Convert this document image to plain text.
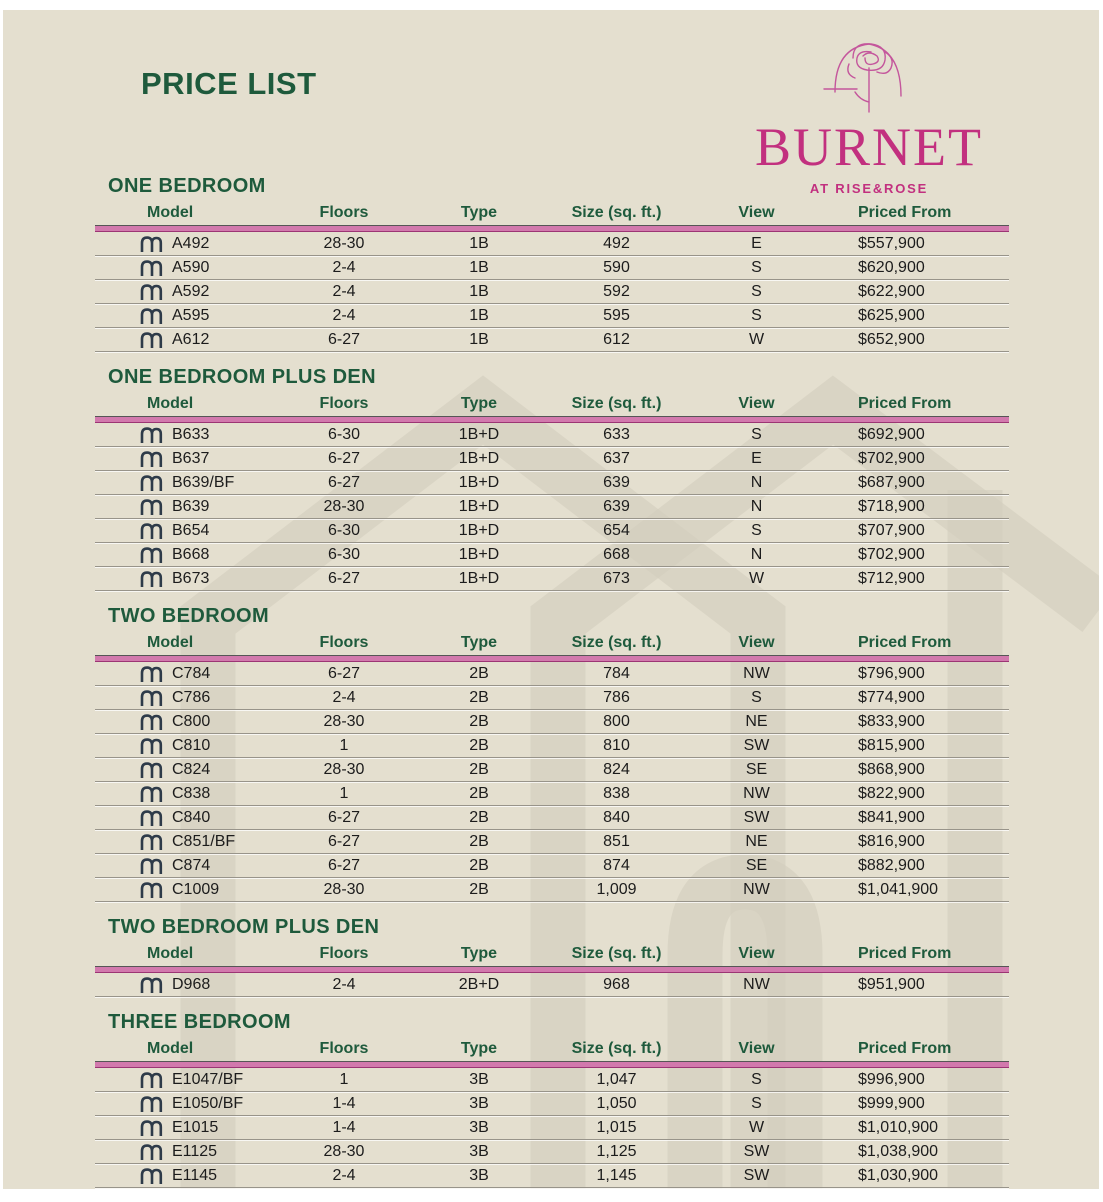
BURNET
AT RISE&ROSE
PRICE LIST
ONE BEDROOM
Model	Floors	Type	Size (sq. ft.)	View	Priced From
A492	28-30	1B	492	E	$557,900
A590	2-4	1B	590	S	$620,900
A592	2-4	1B	592	S	$622,900
A595	2-4	1B	595	S	$625,900
A612	6-27	1B	612	W	$652,900
ONE BEDROOM PLUS DEN
Model	Floors	Type	Size (sq. ft.)	View	Priced From
B633	6-30	1B+D	633	S	$692,900
B637	6-27	1B+D	637	E	$702,900
B639/BF	6-27	1B+D	639	N	$687,900
B639	28-30	1B+D	639	N	$718,900
B654	6-30	1B+D	654	S	$707,900
B668	6-30	1B+D	668	N	$702,900
B673	6-27	1B+D	673	W	$712,900
TWO BEDROOM
Model	Floors	Type	Size (sq. ft.)	View	Priced From
C784	6-27	2B	784	NW	$796,900
C786	2-4	2B	786	S	$774,900
C800	28-30	2B	800	NE	$833,900
C810	1	2B	810	SW	$815,900
C824	28-30	2B	824	SE	$868,900
C838	1	2B	838	NW	$822,900
C840	6-27	2B	840	SW	$841,900
C851/BF	6-27	2B	851	NE	$816,900
C874	6-27	2B	874	SE	$882,900
C1009	28-30	2B	1,009	NW	$1,041,900
TWO BEDROOM PLUS DEN
Model	Floors	Type	Size (sq. ft.)	View	Priced From
D968	2-4	2B+D	968	NW	$951,900
THREE BEDROOM
Model	Floors	Type	Size (sq. ft.)	View	Priced From
E1047/BF	1	3B	1,047	S	$996,900
E1050/BF	1-4	3B	1,050	S	$999,900
E1015	1-4	3B	1,015	W	$1,010,900
E1125	28-30	3B	1,125	SW	$1,038,900
E1145	2-4	3B	1,145	SW	$1,030,900
